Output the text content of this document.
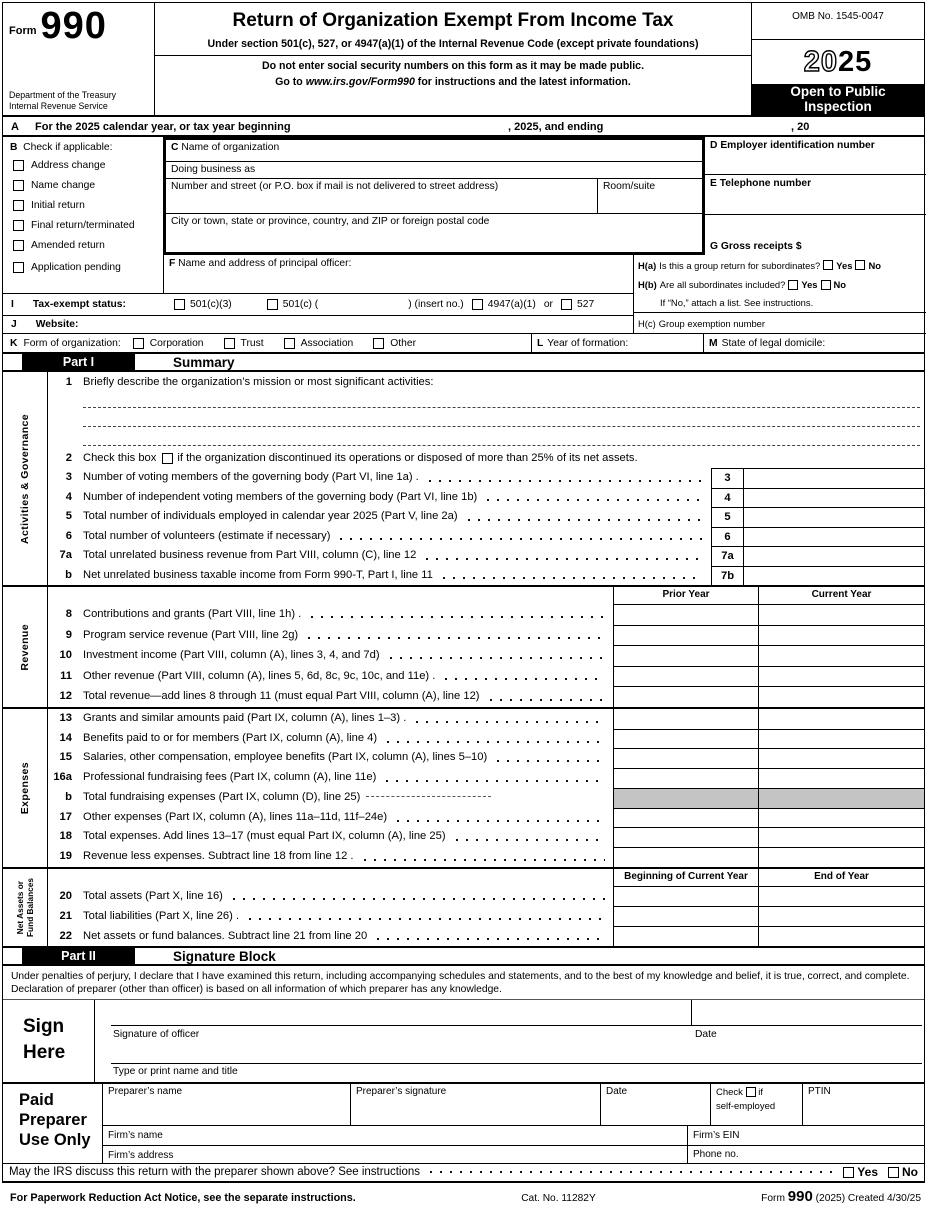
Form 990
Department of the Treasury
Internal Revenue Service
Return of Organization Exempt From Income Tax
Under section 501(c), 527, or 4947(a)(1) of the Internal Revenue Code (except private foundations)
Do not enter social security numbers on this form as it may be made public.
Go to www.irs.gov/Form990 for instructions and the latest information.
OMB No. 1545-0047
2025
Open to Public
Inspection
A For the 2025 calendar year, or tax year beginning	, 2025, and ending	, 20
B Check if applicable:
Address change
Name change
Initial return
Final return/terminated
Amended return
Application pending
C Name of organization
Doing business as
Number and street (or P.O. box if mail is not delivered to street address)	Room/suite
City or town, state or province, country, and ZIP or foreign postal code
D Employer identification number
E Telephone number
G Gross receipts $
F Name and address of principal officer:	H(a) Is this a group return for subordinates? Yes No
H(b) Are all subordinates included? Yes No
If “No,” attach a list. See instructions.
H(c) Group exemption number
I Tax-exempt status:	501(c)(3)	501(c) (	) (insert no.) 4947(a)(1) or 527
J Website:
K Form of organization:	Corporation	Trust	Association	Other	L Year of formation:	M State of legal domicile:
Part I	Summary
Activities & Governance
1 Briefly describe the organization’s mission or most significant activities:
2 Check this box if the organization discontinued its operations or disposed of more than 25% of its net assets.
3 Number of voting members of the governing body (Part VI, line 1a) .	3
4 Number of independent voting members of the governing body (Part VI, line 1b)	4
5 Total number of individuals employed in calendar year 2025 (Part V, line 2a)	5
6 Total number of volunteers (estimate if necessary)	6
7a Total unrelated business revenue from Part VIII, column (C), line 12	7a
b Net unrelated business taxable income from Form 990-T, Part I, line 11	7b
Revenue
Prior Year	Current Year
8 Contributions and grants (Part VIII, line 1h) .
9 Program service revenue (Part VIII, line 2g)
10 Investment income (Part VIII, column (A), lines 3, 4, and 7d)
11 Other revenue (Part VIII, column (A), lines 5, 6d, 8c, 9c, 10c, and 11e) .
12 Total revenue—add lines 8 through 11 (must equal Part VIII, column (A), line 12)
Expenses
13 Grants and similar amounts paid (Part IX, column (A), lines 1–3) .
14 Benefits paid to or for members (Part IX, column (A), line 4)
15 Salaries, other compensation, employee benefits (Part IX, column (A), lines 5–10)
16a Professional fundraising fees (Part IX, column (A), line 11e)
b Total fundraising expenses (Part IX, column (D), line 25)
17 Other expenses (Part IX, column (A), lines 11a–11d, 11f–24e)
18 Total expenses. Add lines 13–17 (must equal Part IX, column (A), line 25)
19 Revenue less expenses. Subtract line 18 from line 12 .
Net Assets or Fund Balances
Beginning of Current Year	End of Year
20 Total assets (Part X, line 16)
21 Total liabilities (Part X, line 26) .
22 Net assets or fund balances. Subtract line 21 from line 20
Part II	Signature Block
Under penalties of perjury, I declare that I have examined this return, including accompanying schedules and statements, and to the best of my knowledge and belief, it is true, correct, and complete. Declaration of preparer (other than officer) is based on all information of which preparer has any knowledge.
Sign
Here
Signature of officer	Date
Type or print name and title
Paid
Preparer
Use Only
Preparer’s name	Preparer’s signature	Date	Check if
self-employed
PTIN
Firm’s name	Firm’s EIN
Firm’s address	Phone no.
May the IRS discuss this return with the preparer shown above? See instructions	Yes No
For Paperwork Reduction Act Notice, see the separate instructions.	Cat. No. 11282Y	Form 990 (2025) Created 4/30/25
